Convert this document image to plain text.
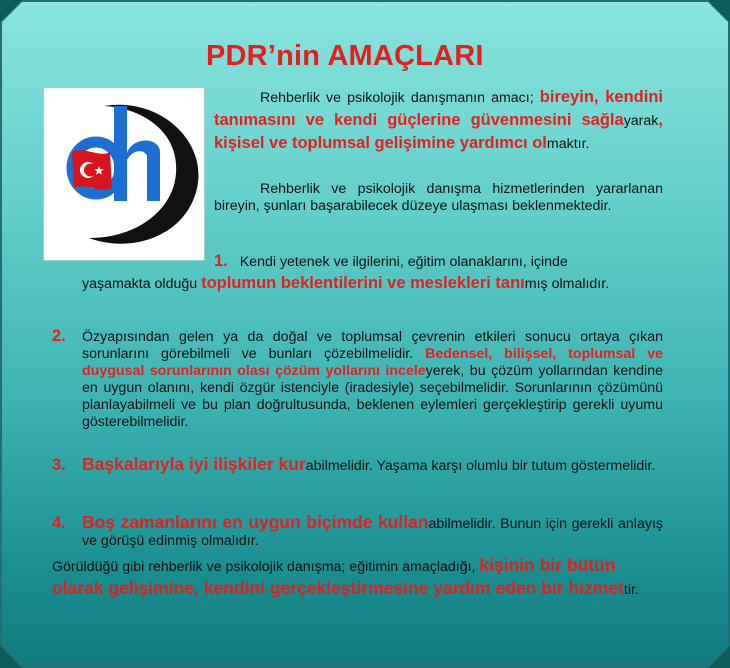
PDR’nin AMAÇLARI
Rehberlik ve psikolojik danışmanın amacı; bireyin, kendini tanımasını ve kendi güçlerine güvenmesini sağlayarak, kişisel ve toplumsal gelişimine yardımcı olmaktır.
Rehberlik ve psikolojik danışma hizmetlerinden yararlanan bireyin, şunları başarabilecek düzeye ulaşması beklenmektedir.
1. Kendi yetenek ve ilgilerini, eğitim olanaklarını, içinde
yaşamakta olduğu toplumun beklentilerini ve meslekleri tanımış olmalıdır.
2. Özyapısından gelen ya da doğal ve toplumsal çevrenin etkileri sonucu ortaya çıkan sorunlarını görebilmeli ve bunları çözebilmelidir. Bedensel, bilişsel, toplumsal ve duygusal sorunlarının olası çözüm yollarını inceleyerek, bu çözüm yollarından kendine en uygun olanını, kendi özgür istenciyle (iradesiyle) seçebilmelidir. Sorunlarının çözümünü planlayabilmeli ve bu plan doğrultusunda, beklenen eylemleri gerçekleştirip gerekli uyumu gösterebilmelidir.
3. Başkalarıyla iyi ilişkiler kurabilmelidir. Yaşama karşı olumlu bir tutum göstermelidir.
4. Boş zamanlarını en uygun biçimde kullanabilmelidir. Bunun için gerekli anlayış ve görüşü edinmiş olmalıdır.
Görüldüğü gibi rehberlik ve psikolojik danışma; eğitimin amaçladığı, kişinin bir bütün olarak gelişimine, kendini gerçekleştirmesine yardım eden bir hizmettir.
